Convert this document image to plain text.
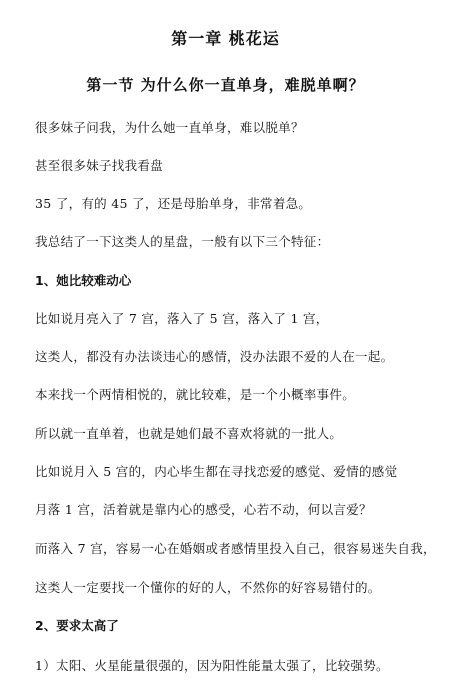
第一章 桃花运
第一节 为什么你一直单身，难脱单啊？
很多妹子问我，为什么她一直单身，难以脱单？
甚至很多妹子找我看盘
35 了，有的 45 了，还是母胎单身，非常着急。
我总结了一下这类人的星盘，一般有以下三个特征：
1、她比较难动心
比如说月亮入了 7 宫，落入了 5 宫，落入了 1 宫，
这类人，都没有办法谈违心的感情，没办法跟不爱的人在一起。
本来找一个两情相悦的，就比较难，是一个小概率事件。
所以就一直单着，也就是她们最不喜欢将就的一批人。
比如说月入 5 宫的，内心毕生都在寻找恋爱的感觉、爱情的感觉
月落 1 宫，活着就是靠内心的感受，心若不动，何以言爱？
而落入 7 宫，容易一心在婚姻或者感情里投入自己，很容易迷失自我，
这类人一定要找一个懂你的好的人，不然你的好容易错付的。
2、要求太高了
1）太阳、火星能量很强的，因为阳性能量太强了，比较强势。
